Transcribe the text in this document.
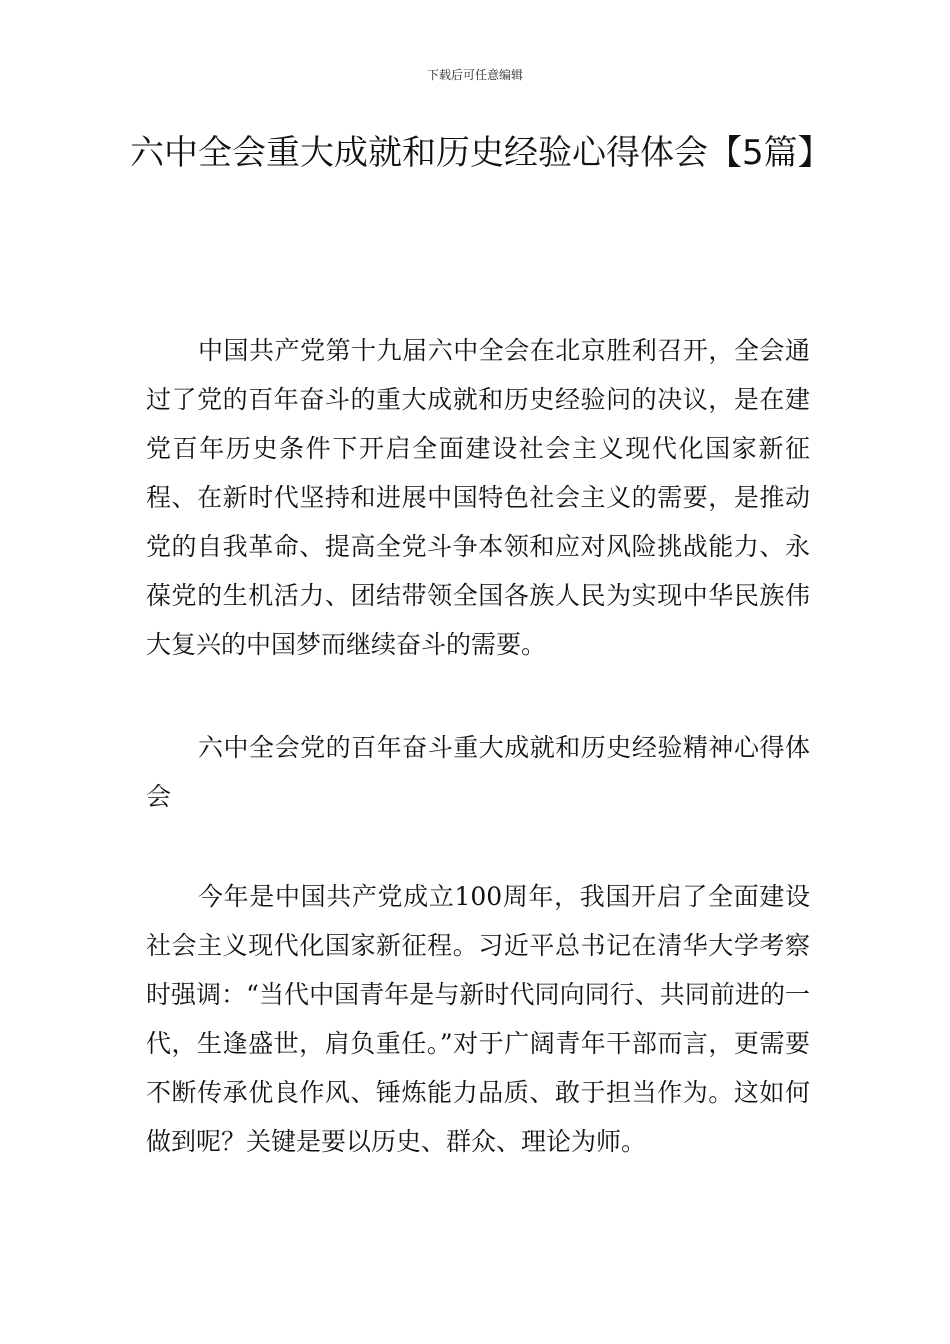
下载后可任意编辑
六中全会重大成就和历史经验心得体会【5篇】

中国共产党第十九届六中全会在北京胜利召开，全会通过了党的百年奋斗的重大成就和历史经验问的决议，是在建党百年历史条件下开启全面建设社会主义现代化国家新征程、在新时代坚持和进展中国特色社会主义的需要，是推动党的自我革命、提高全党斗争本领和应对风险挑战能力、永葆党的生机活力、团结带领全国各族人民为实现中华民族伟大复兴的中国梦而继续奋斗的需要。

六中全会党的百年奋斗重大成就和历史经验精神心得体会

今年是中国共产党成立100周年，我国开启了全面建设社会主义现代化国家新征程。习近平总书记在清华大学考察时强调：“当代中国青年是与新时代同向同行、共同前进的一代，生逢盛世，肩负重任。”对于广阔青年干部而言，更需要不断传承优良作风、锤炼能力品质、敢于担当作为。这如何做到呢？关键是要以历史、群众、理论为师。
